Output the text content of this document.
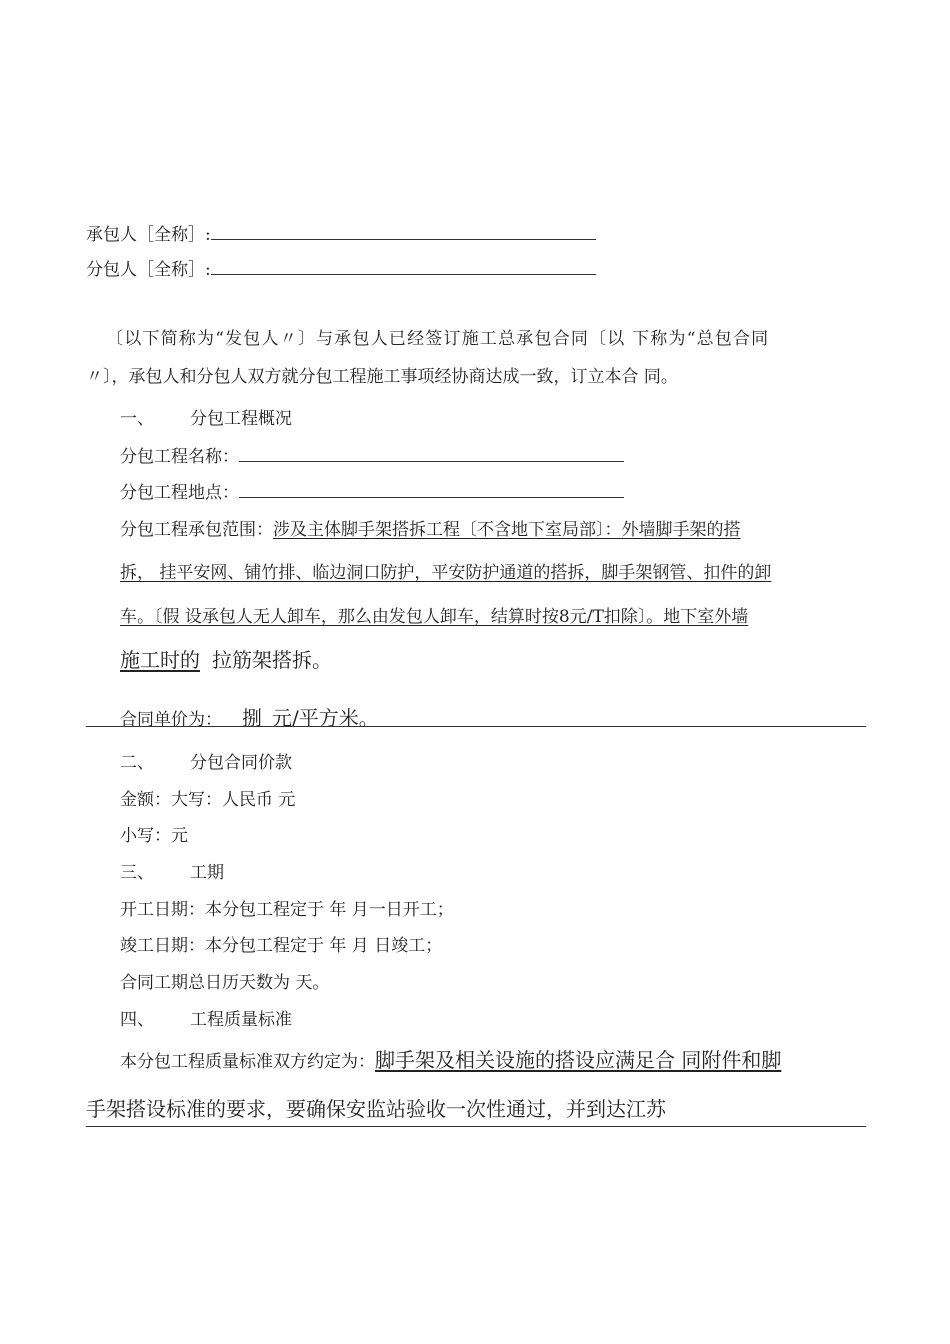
承包人［全称］:
分包人［全称］:
〔以下简称为“发包人〃〕与承包人已经签订施工总承包合同〔以 下称为“总包合同
〃〕，承包人和分包人双方就分包工程施工事项经协商达成一致，订立本合 同。
一、 分包工程概况
分包工程名称：
分包工程地点：
分包工程承包范围：涉及主体脚手架搭拆工程〔不含地下室局部〕：外墙脚手架的搭
拆， 挂平安网、铺竹排、临边洞口防护，平安防护通道的搭拆，脚手架钢管、扣件的卸
车。〔假 设承包人无人卸车，那么由发包人卸车，结算时按8元/T扣除〕。地下室外墙
施工时的 拉筋架搭拆。
合同单价为： 捌 元/平方米。
二、 分包合同价款
金额：大写：人民币 元
小写：元
三、 工期
开工日期：本分包工程定于 年 月一日开工；
竣工日期：本分包工程定于 年 月 日竣工；
合同工期总日历天数为 天。
四、 工程质量标准
本分包工程质量标准双方约定为：脚手架及相关设施的搭设应满足合 同附件和脚
手架搭设标准的要求，要确保安监站验收一次性通过，并到达江苏
